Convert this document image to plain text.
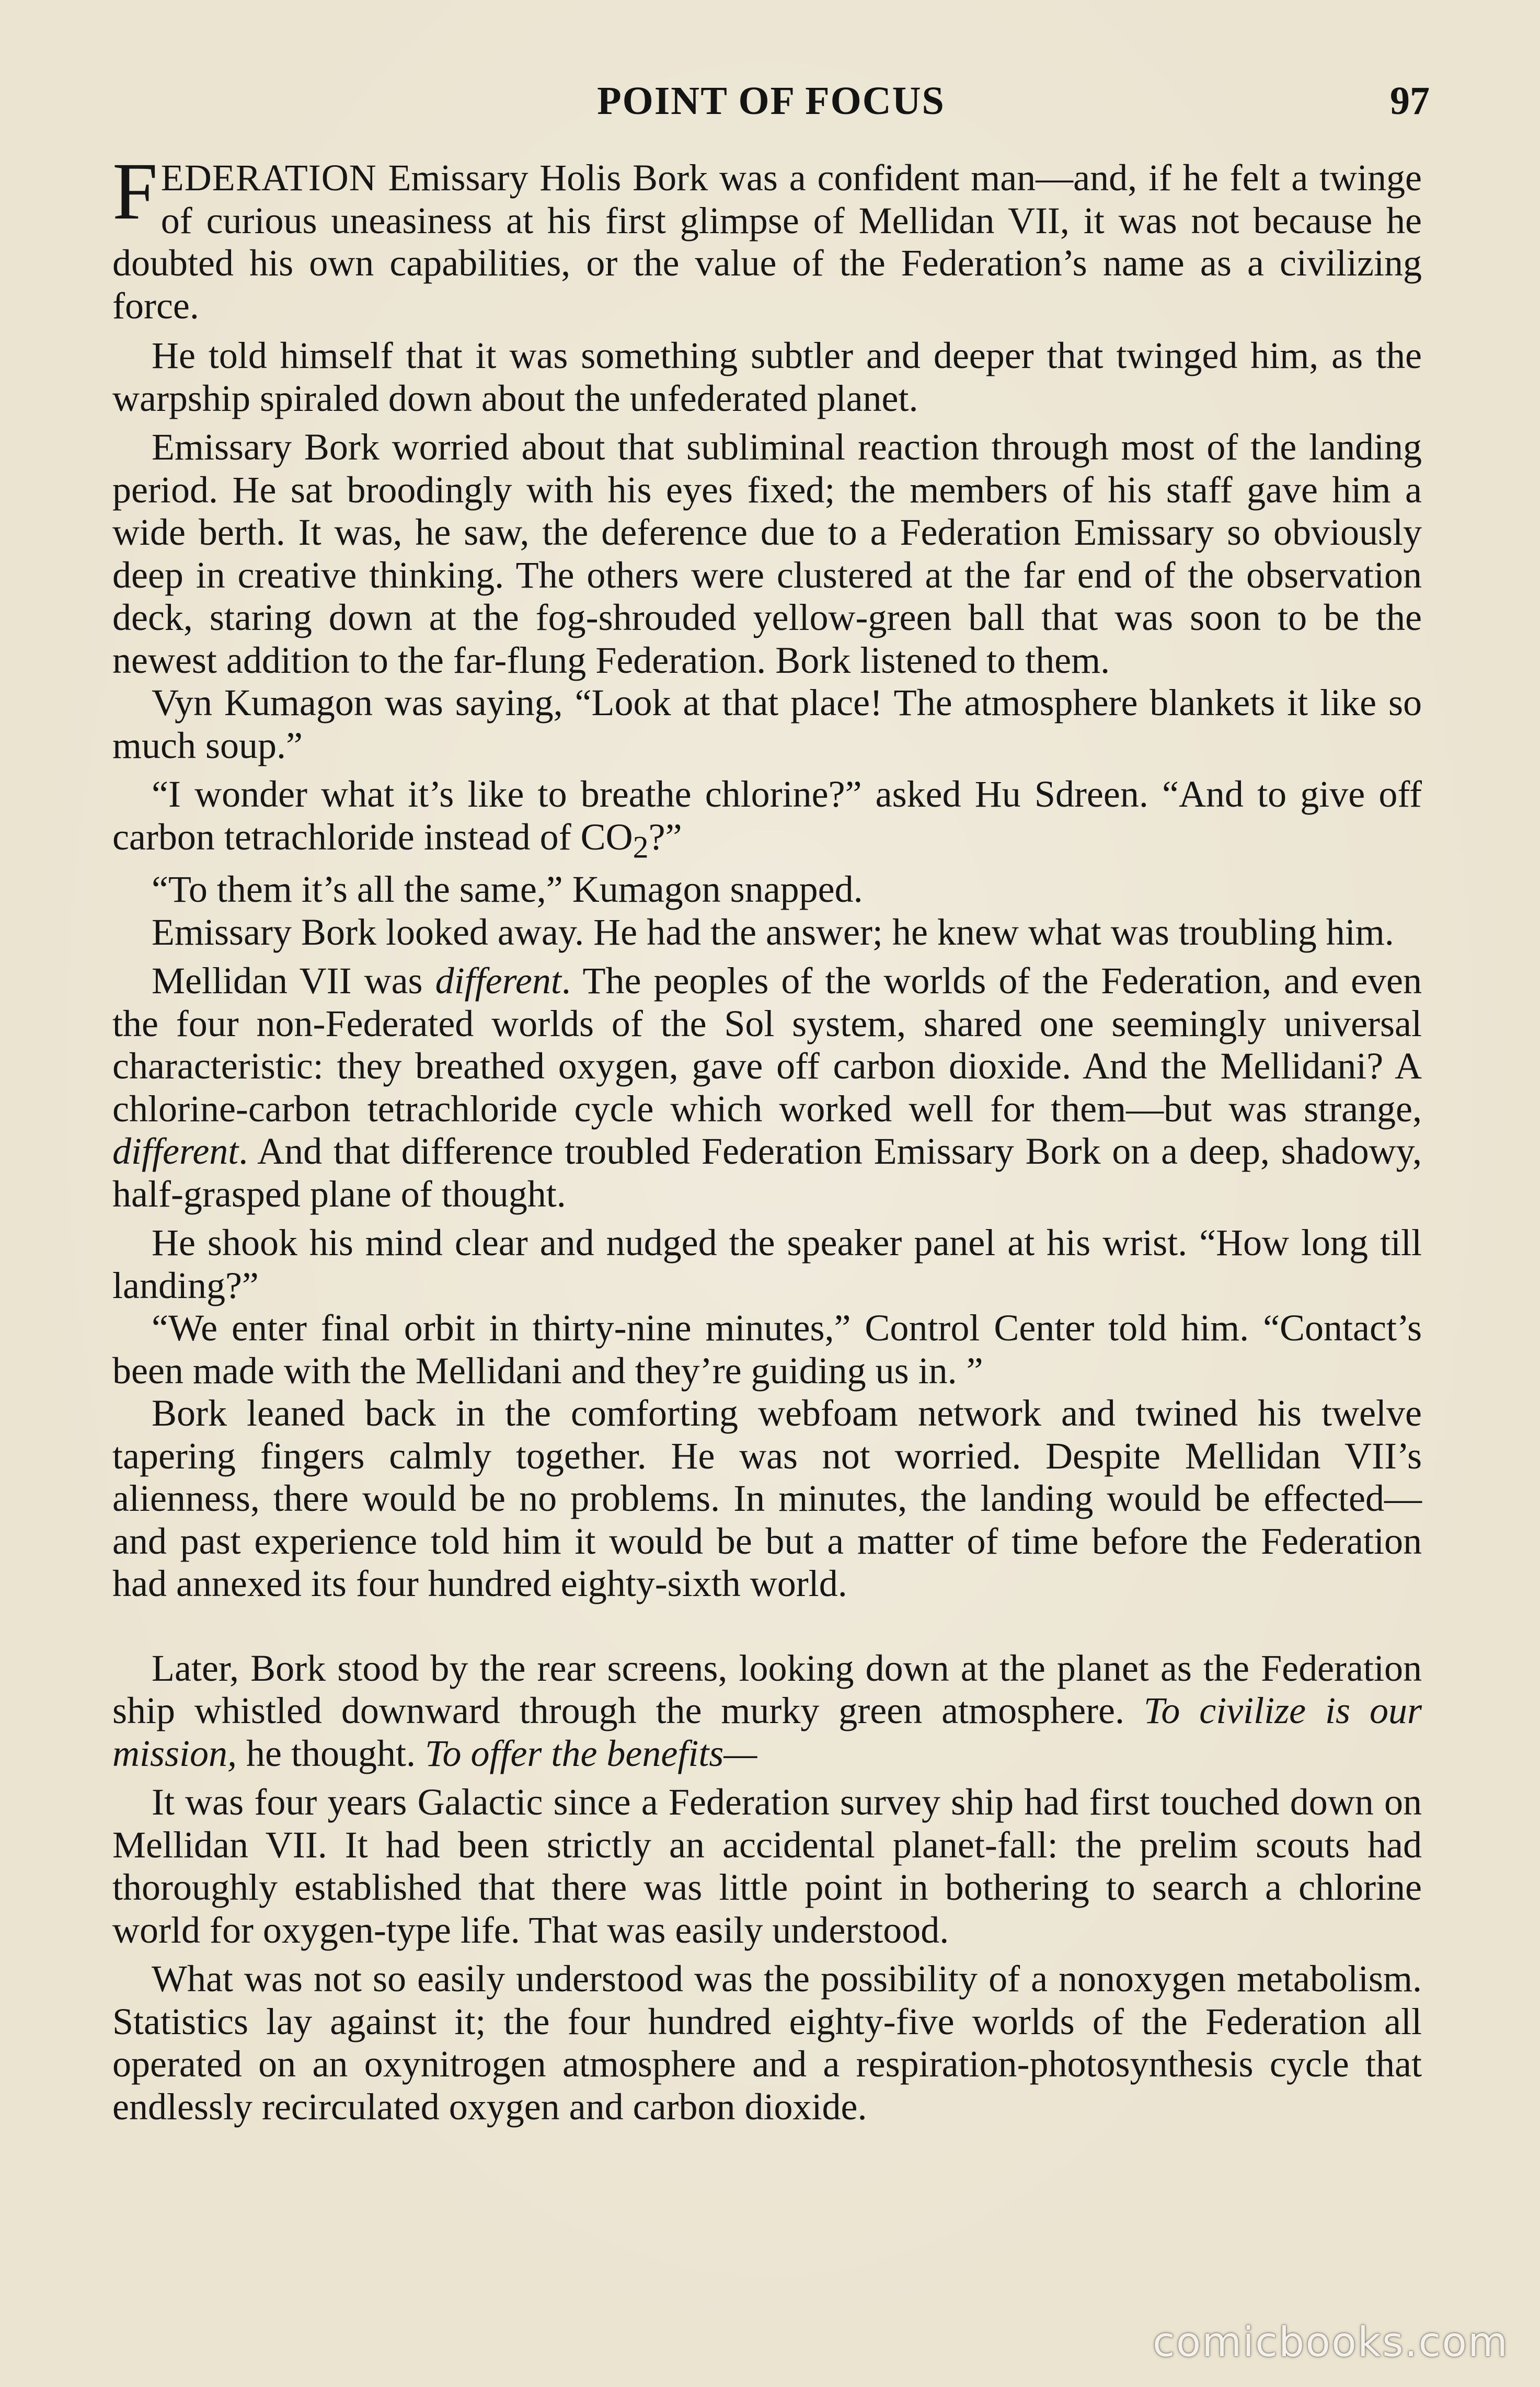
POINT OF FOCUS	97

FEDERATION Emissary Holis Bork was a confident man—and, if he felt a twinge of curious uneasiness at his first glimpse of Mellidan VII, it was not because he doubted his own capabilities, or the value of the Federation’s name as a civilizing force.

He told himself that it was something subtler and deeper that twinged him, as the warpship spiraled down about the unfederated planet.

Emissary Bork worried about that subliminal reaction through most of the landing period. He sat broodingly with his eyes fixed; the members of his staff gave him a wide berth. It was, he saw, the deference due to a Federation Emissary so obviously deep in creative thinking. The others were clustered at the far end of the observation deck, staring down at the fog-shrouded yellow-green ball that was soon to be the newest addition to the far-flung Federation. Bork listened to them.

Vyn Kumagon was saying, “Look at that place! The atmosphere blankets it like so much soup.”

“I wonder what it’s like to breathe chlorine?” asked Hu Sdreen. “And to give off carbon tetrachloride instead of $CO_2$?”

“To them it’s all the same,” Kumagon snapped.

Emissary Bork looked away. He had the answer; he knew what was troubling him.

Mellidan VII was different. The peoples of the worlds of the Federation, and even the four non-Federated worlds of the Sol system, shared one seemingly universal characteristic: they breathed oxygen, gave off carbon dioxide. And the Mellidani? A chlorine-carbon tetrachloride cycle which worked well for them—but was strange, different. And that difference troubled Federation Emissary Bork on a deep, shadowy, half-grasped plane of thought.

He shook his mind clear and nudged the speaker panel at his wrist. “How long till landing?”

“We enter final orbit in thirty-nine minutes,” Control Center told him. “Contact’s been made with the Mellidani and they’re guiding us in. ”

Bork leaned back in the comforting webfoam network and twined his twelve tapering fingers calmly together. He was not worried. Despite Mellidan VII’s alienness, there would be no problems. In minutes, the landing would be effected—and past experience told him it would be but a matter of time before the Federation had annexed its four hundred eighty-sixth world.

Later, Bork stood by the rear screens, looking down at the planet as the Federation ship whistled downward through the murky green atmosphere. To civilize is our mission, he thought. To offer the benefits—

It was four years Galactic since a Federation survey ship had first touched down on Mellidan VII. It had been strictly an accidental planet-fall: the prelim scouts had thoroughly established that there was little point in bothering to search a chlorine world for oxygen-type life. That was easily understood.

What was not so easily understood was the possibility of a nonoxygen metabolism. Statistics lay against it; the four hundred eighty-five worlds of the Federation all operated on an oxynitrogen atmosphere and a respiration-photosynthesis cycle that endlessly recirculated oxygen and carbon dioxide.

comicbooks.com
